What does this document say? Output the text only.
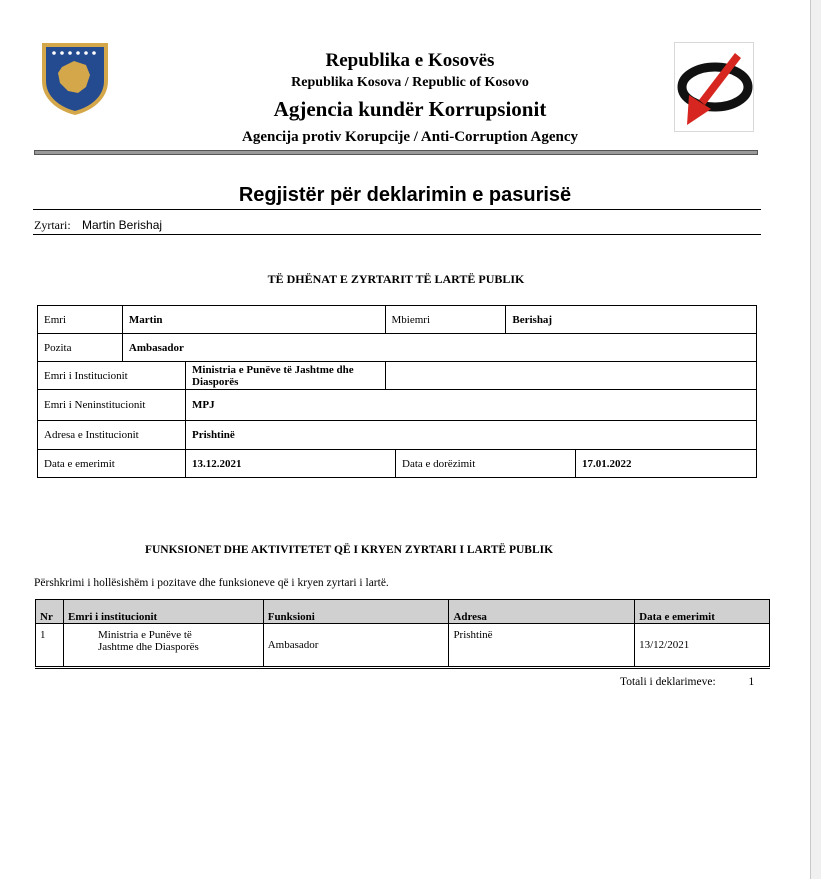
Republika e Kosovës
Republika Kosova / Republic of Kosovo
Agjencia kundër Korrupsionit
Agencija protiv Korupcije / Anti-Corruption Agency
Regjistër për deklarimin e pasurisë
Zyrtari: Martin Berishaj
TË DHËNAT E ZYRTARIT TË LARTË PUBLIK
Emri	Martin	Mbiemri	Berishaj
Pozita	Ambasador

Emri i Institucionit	Ministria e Punëve të Jashtme dhe Diasporës

Emri i Neninstitucionit	MPJ

Adresa e Institucionit	Prishtinë

Data e emerimit	13.12.2021	Data e dorëzimit	17.01.2022
FUNKSIONET DHE AKTIVITETET QË I KRYEN ZYRTARI I LARTË PUBLIK
Përshkrimi i hollësishëm i pozitave dhe funksioneve që i kryen zyrtari i lartë.
Nr	Emri i institucionit	Funksioni	Adresa	Data e emerimit
1	Ministria e Punëve të
Jashtme dhe Diasporës	Ambasador	Prishtinë	13/12/2021
Totali i deklarimeve:	1
